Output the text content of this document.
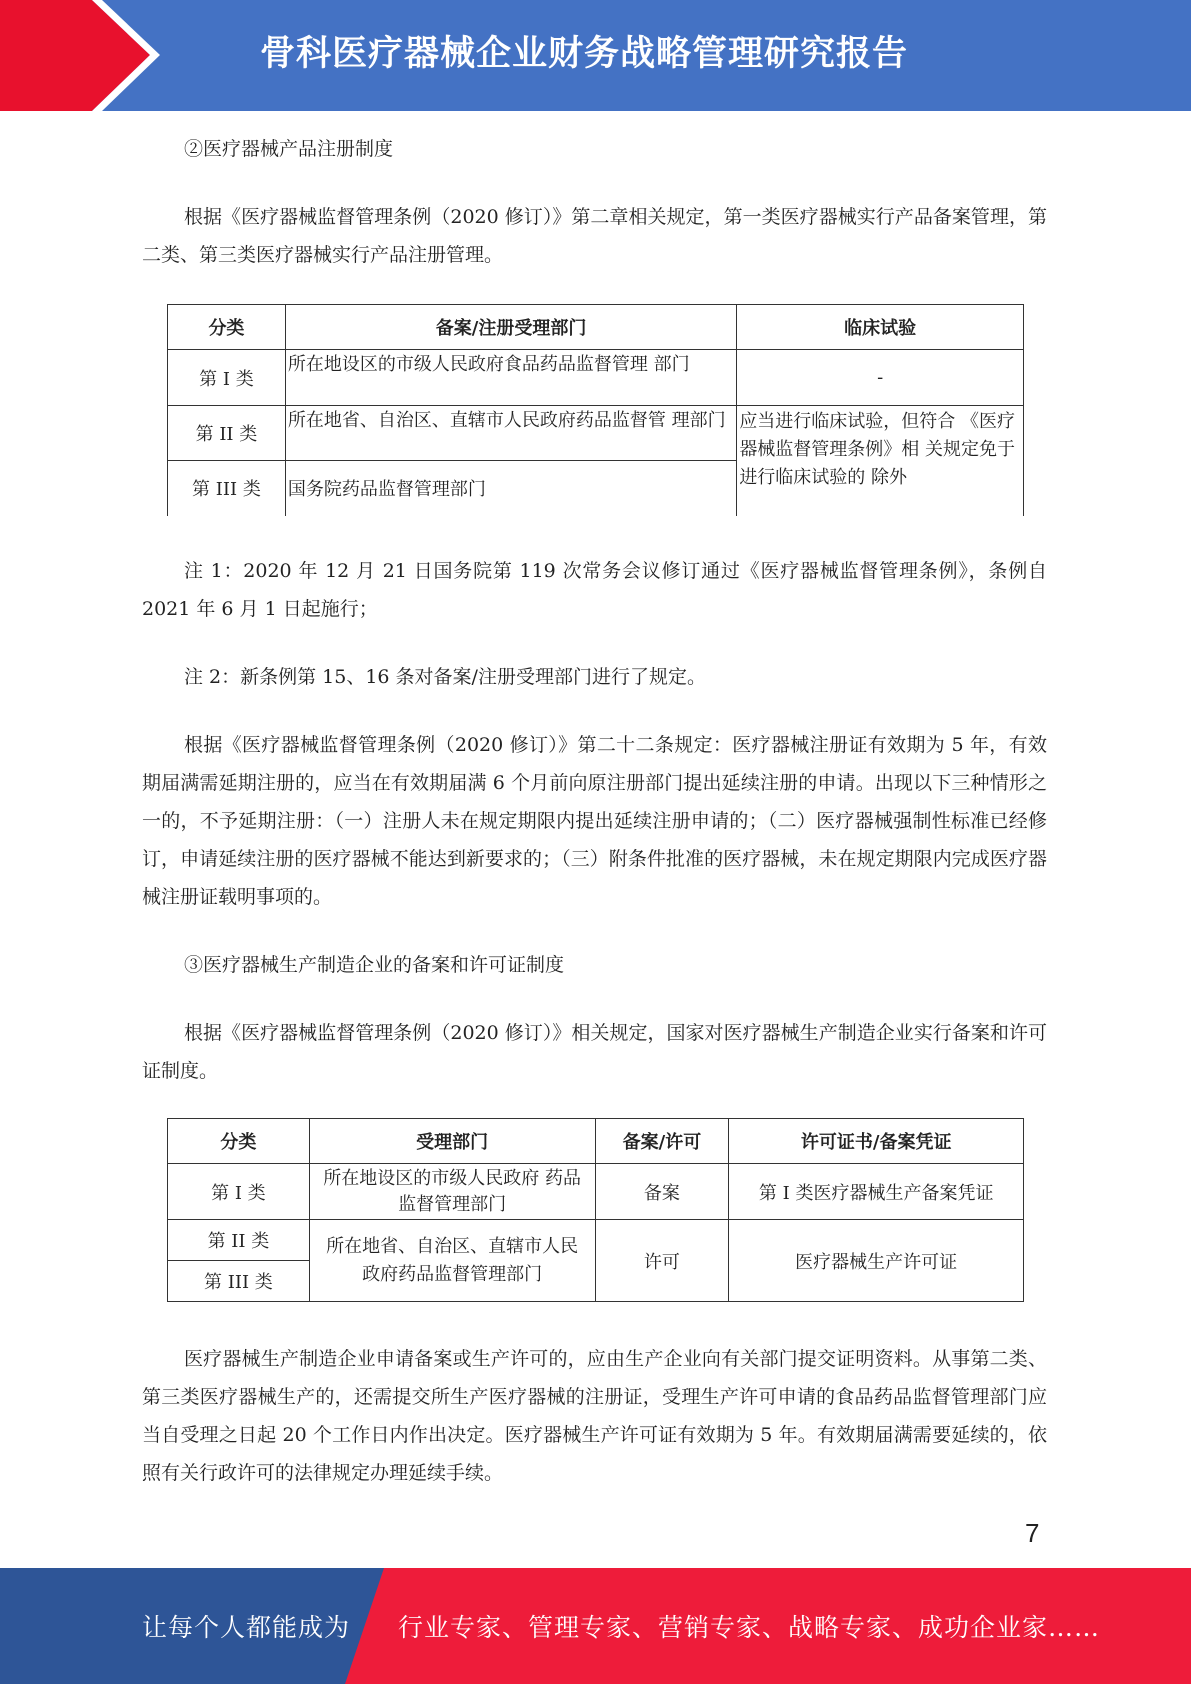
骨科医疗器械企业财务战略管理研究报告

②医疗器械产品注册制度

根据《医疗器械监督管理条例（2020 修订）》第二章相关规定，第一类医疗器械实行产品备案管理，第二类、第三类医疗器械实行产品注册管理。

分类	备案/注册受理部门	临床试验
第 I 类	所在地设区的市级人民政府食品药品监督管理 部门	-
第 II 类	所在地省、自治区、直辖市人民政府药品监督管 理部门	应当进行临床试验，但符合 《医疗器械监督管理条例》相 关规定免于进行临床试验的 除外
第 III 类	国务院药品监督管理部门	

注 1：2020 年 12 月 21 日国务院第 119 次常务会议修订通过《医疗器械监督管理条例》，条例自 2021 年 6 月 1 日起施行；

注 2：新条例第 15、16 条对备案/注册受理部门进行了规定。

根据《医疗器械监督管理条例（2020 修订）》第二十二条规定：医疗器械注册证有效期为 5 年，有效期届满需延期注册的，应当在有效期届满 6 个月前向原注册部门提出延续注册的申请。出现以下三种情形之一的，不予延期注册：（一）注册人未在规定期限内提出延续注册申请的；（二）医疗器械强制性标准已经修订，申请延续注册的医疗器械不能达到新要求的；（三）附条件批准的医疗器械，未在规定期限内完成医疗器械注册证载明事项的。

③医疗器械生产制造企业的备案和许可证制度

根据《医疗器械监督管理条例（2020 修订）》相关规定，国家对医疗器械生产制造企业实行备案和许可证制度。

分类	受理部门	备案/许可	许可证书/备案凭证
第 I 类	所在地设区的市级人民政府 药品监督管理部门	备案	第 I 类医疗器械生产备案凭证
第 II 类	所在地省、自治区、直辖市人民政府药品监督管理部门	许可	医疗器械生产许可证
第 III 类			

医疗器械生产制造企业申请备案或生产许可的，应由生产企业向有关部门提交证明资料。从事第二类、第三类医疗器械生产的，还需提交所生产医疗器械的注册证，受理生产许可申请的食品药品监督管理部门应当自受理之日起 20 个工作日内作出决定。医疗器械生产许可证有效期为 5 年。有效期届满需要延续的，依照有关行政许可的法律规定办理延续手续。

7
让每个人都能成为 行业专家、管理专家、营销专家、战略专家、成功企业家……
